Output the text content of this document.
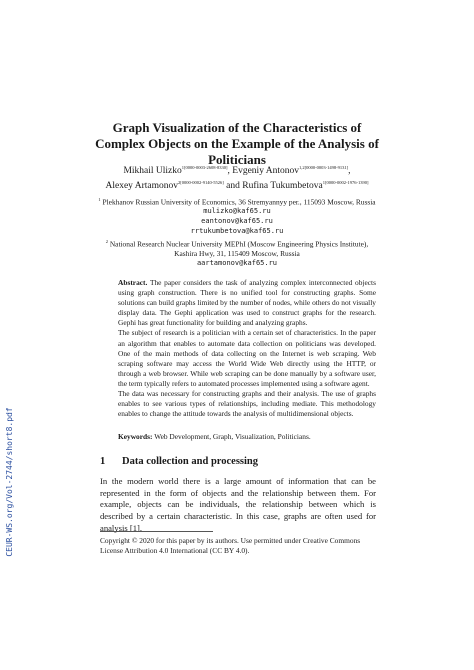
CEUR-WS.org/Vol-2744/short8.pdf
Graph Visualization of the Characteristics of Complex Objects on the Example of the Analysis of Politicians
Mikhail Ulizko$^{1[0000-0003-2608-8330]}$, Evgeniy Antonov$^{1,2[0000-0003-1498-9131]}$,
Alexey Artamonov$^{2[0000-0002-9140-5526]}$ and Rufina Tukumbetova$^{1[0000-0002-1976-1390]}$
$^1$ Plekhanov Russian University of Economics, 36 Stremyannyy per., 115093 Moscow, Russia
mulizko@kaf65.ru
eantonov@kaf65.ru
rrtukumbetova@kaf65.ru
$^2$ National Research Nuclear University MEPhI (Moscow Engineering Physics Institute),
Kashira Hwy, 31, 115409 Moscow, Russia
aartamonov@kaf65.ru

Abstract. The paper considers the task of analyzing complex interconnected objects using graph construction. There is no unified tool for constructing graphs. Some solutions can build graphs limited by the number of nodes, while others do not visually display data. The Gephi application was used to construct graphs for the research. Gephi has great functionality for building and analyzing graphs.

The subject of research is a politician with a certain set of characteristics. In the paper an algorithm that enables to automate data collection on politicians was developed. One of the main methods of data collecting on the Internet is web scraping. Web scraping software may access the World Wide Web directly using the HTTP, or through a web browser. While web scraping can be done manually by a software user, the term typically refers to automated processes implemented using a software agent.

The data was necessary for constructing graphs and their analysis. The use of graphs enables to see various types of relationships, including mediate. This methodology enables to change the attitude towards the analysis of multidimensional objects.

Keywords: Web Development, Graph, Visualization, Politicians.
1 Data collection and processing
In the modern world there is a large amount of information that can be represented in the form of objects and the relationship between them. For example, objects can be individuals, the relationship between which is described by a certain characteristic. In this case, graphs are often used for analysis [1].
Copyright © 2020 for this paper by its authors. Use permitted under Creative Commons License Attribution 4.0 International (CC BY 4.0).
